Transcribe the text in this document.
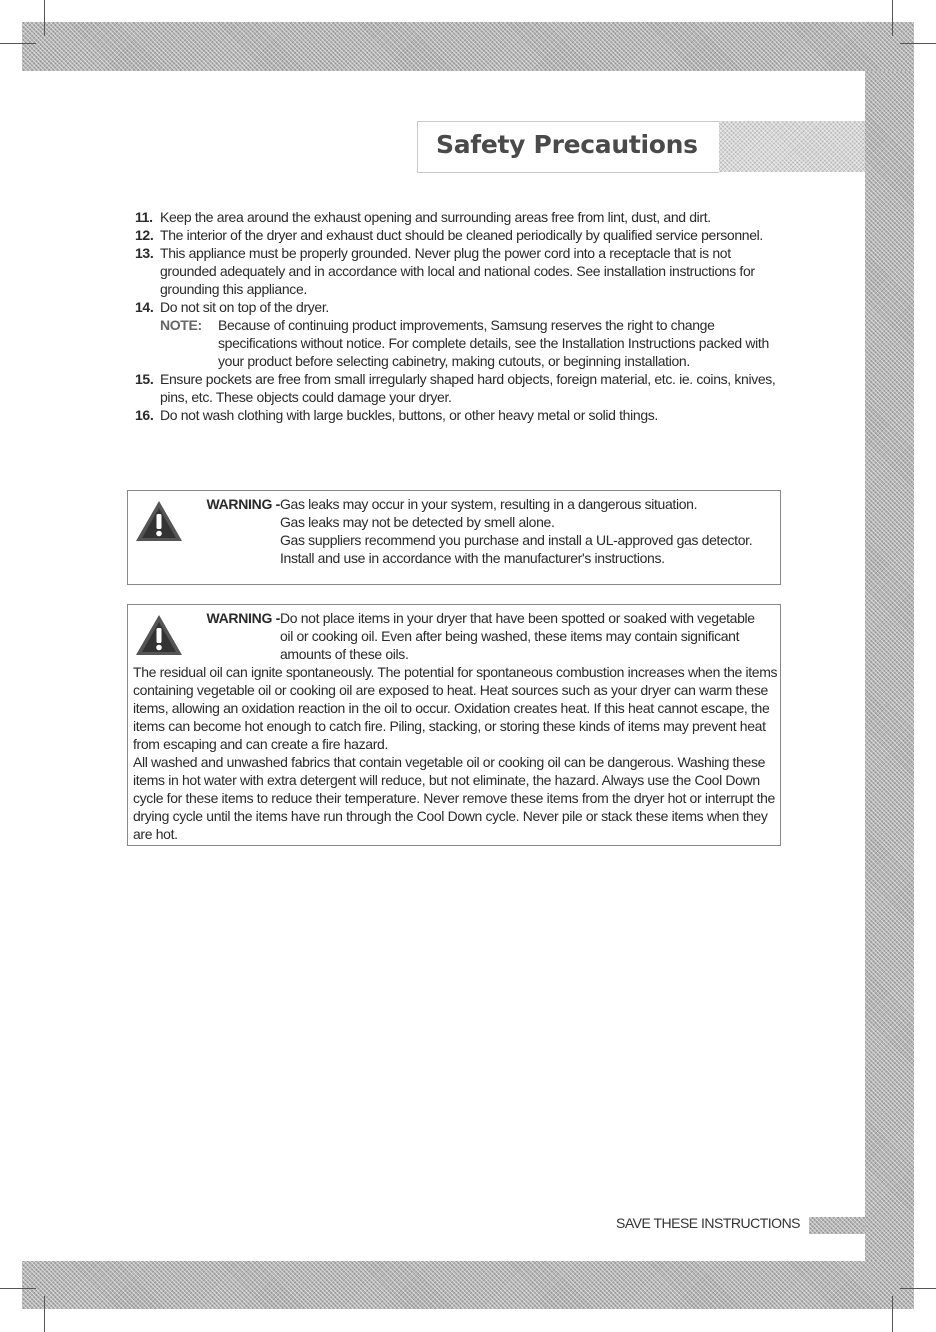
Safety Precautions
11. Keep the area around the exhaust opening and surrounding areas free from lint, dust, and dirt.
12. The interior of the dryer and exhaust duct should be cleaned periodically by qualified service personnel.
13. This appliance must be properly grounded. Never plug the power cord into a receptacle that is not grounded adequately and in accordance with local and national codes. See installation instructions for grounding this appliance.
14. Do not sit on top of the dryer.
NOTE:	Because of continuing product improvements, Samsung reserves the right to change specifications without notice. For complete details, see the Installation Instructions packed with your product before selecting cabinetry, making cutouts, or beginning installation.
15. Ensure pockets are free from small irregularly shaped hard objects, foreign material, etc. ie. coins, knives, pins, etc. These objects could damage your dryer.
16. Do not wash clothing with large buckles, buttons, or other heavy metal or solid things.
WARNING - Gas leaks may occur in your system, resulting in a dangerous situation.
Gas leaks may not be detected by smell alone.
Gas suppliers recommend you purchase and install a UL-approved gas detector.
Install and use in accordance with the manufacturer's instructions.
WARNING - Do not place items in your dryer that have been spotted or soaked with vegetable oil or cooking oil. Even after being washed, these items may contain significant amounts of these oils.
The residual oil can ignite spontaneously. The potential for spontaneous combustion increases when the items containing vegetable oil or cooking oil are exposed to heat. Heat sources such as your dryer can warm these items, allowing an oxidation reaction in the oil to occur. Oxidation creates heat. If this heat cannot escape, the items can become hot enough to catch fire. Piling, stacking, or storing these kinds of items may prevent heat from escaping and can create a fire hazard.
All washed and unwashed fabrics that contain vegetable oil or cooking oil can be dangerous. Washing these items in hot water with extra detergent will reduce, but not eliminate, the hazard. Always use the Cool Down cycle for these items to reduce their temperature. Never remove these items from the dryer hot or interrupt the drying cycle until the items have run through the Cool Down cycle. Never pile or stack these items when they are hot.
SAVE THESE INSTRUCTIONS
